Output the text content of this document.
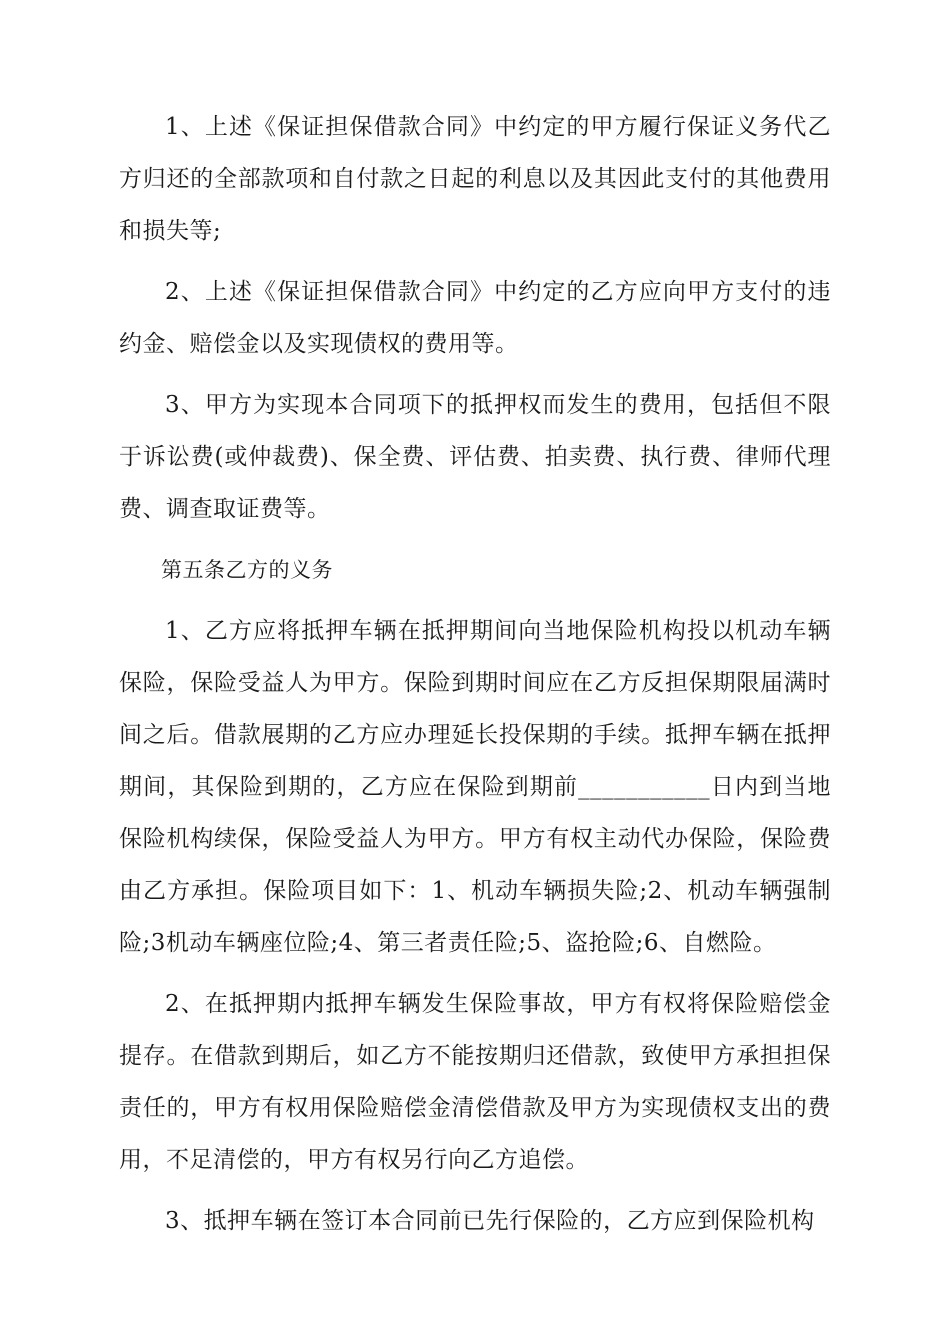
1、上述《保证担保借款合同》中约定的甲方履行保证义务代乙方归还的全部款项和自付款之日起的利息以及其因此支付的其他费用和损失等;

2、上述《保证担保借款合同》中约定的乙方应向甲方支付的违约金、赔偿金以及实现债权的费用等。

3、甲方为实现本合同项下的抵押权而发生的费用，包括但不限于诉讼费(或仲裁费)、保全费、评估费、拍卖费、执行费、律师代理费、调查取证费等。

第五条乙方的义务

1、乙方应将抵押车辆在抵押期间向当地保险机构投以机动车辆保险，保险受益人为甲方。保险到期时间应在乙方反担保期限届满时间之后。借款展期的乙方应办理延长投保期的手续。抵押车辆在抵押期间，其保险到期的，乙方应在保险到期前___________日内到当地保险机构续保，保险受益人为甲方。甲方有权主动代办保险，保险费由乙方承担。保险项目如下：1、机动车辆损失险;2、机动车辆强制险;3机动车辆座位险;4、第三者责任险;5、盗抢险;6、自燃险。

2、在抵押期内抵押车辆发生保险事故，甲方有权将保险赔偿金提存。在借款到期后，如乙方不能按期归还借款，致使甲方承担担保责任的，甲方有权用保险赔偿金清偿借款及甲方为实现债权支出的费用，不足清偿的，甲方有权另行向乙方追偿。

3、抵押车辆在签订本合同前已先行保险的，乙方应到保险机构
